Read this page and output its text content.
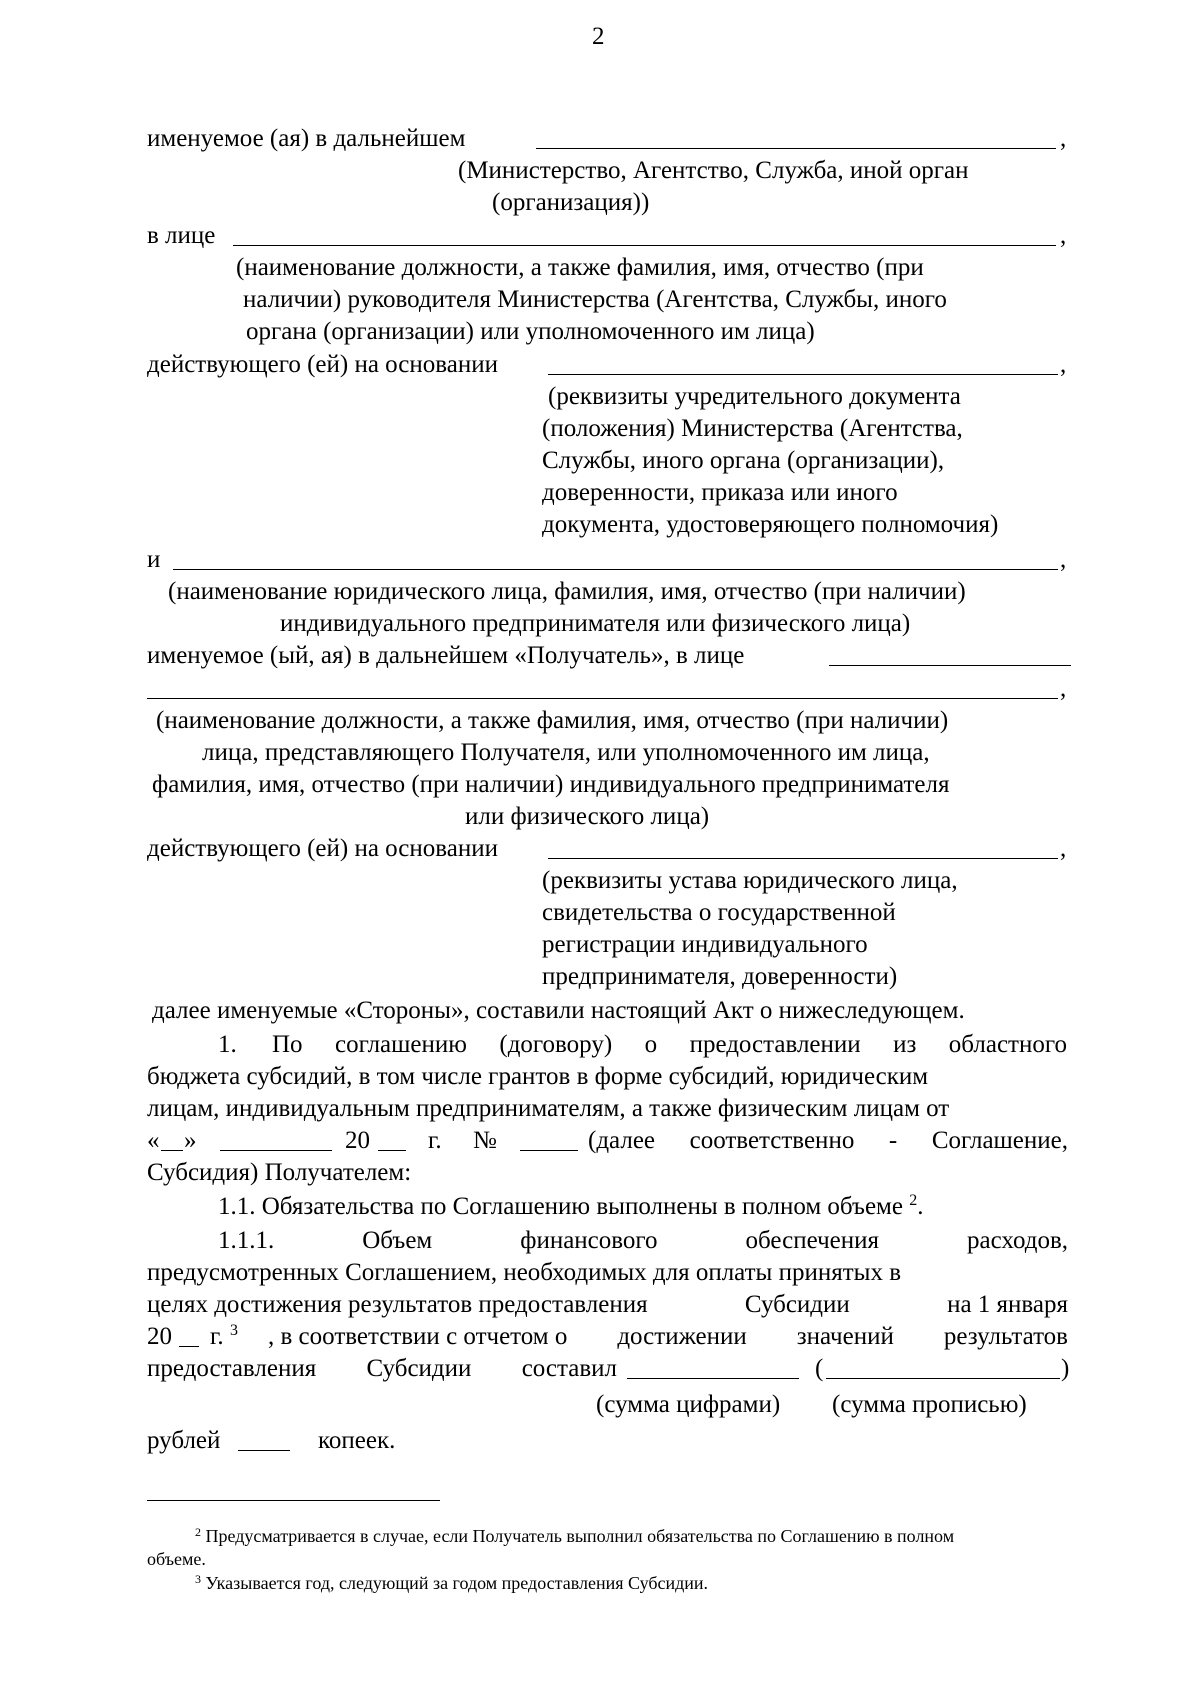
2
именуемое (ая) в дальнейшем	,
(Министерство, Агентство, Служба, иной орган
(организация))
в лице	,
(наименование должности, а также фамилия, имя, отчество (при
наличии) руководителя Министерства (Агентства, Службы, иного
органа (организации) или уполномоченного им лица)
действующего (ей) на основании	,
(реквизиты учредительного документа
(положения) Министерства (Агентства,
Службы, иного органа (организации),
доверенности, приказа или иного
документа, удостоверяющего полномочия)
и	,
(наименование юридического лица, фамилия, имя, отчество (при наличии)
индивидуального предпринимателя или физического лица)
именуемое (ый, ая) в дальнейшем «Получатель», в лице
,
(наименование должности, а также фамилия, имя, отчество (при наличии)
лица, представляющего Получателя, или уполномоченного им лица,
фамилия, имя, отчество (при наличии) индивидуального предпринимателя
или физического лица)
действующего (ей) на основании	,
(реквизиты устава юридического лица,
свидетельства о государственной
регистрации индивидуального
предпринимателя, доверенности)
далее именуемые «Стороны», составили настоящий Акт о нижеследующем.
1. По соглашению (договору) о предоставлении из областного
бюджета субсидий, в том числе грантов в форме субсидий, юридическим
лицам, индивидуальным предпринимателям, а также физическим лицам от
« »	20 г. №	(далее соответственно - Соглашение,
Субсидия) Получателем:
1.1. Обязательства по Соглашению выполнены в полном объеме $^2$.
1.1.1.	Объем	финансового	обеспечения	расходов,
предусмотренных Соглашением, необходимых для оплаты принятых в
целях достижения результатов предоставления	Субсидии	на 1 января
20 г. $^3$ , в соответствии с отчетом о достижении значений результатов
предоставления Субсидии составил	(	)
(сумма цифрами) (сумма прописью)
рублей	копеек.
$^2$ Предусматривается в случае, если Получатель выполнил обязательства по Соглашению в полном
объеме.
$^3$ Указывается год, следующий за годом предоставления Субсидии.
